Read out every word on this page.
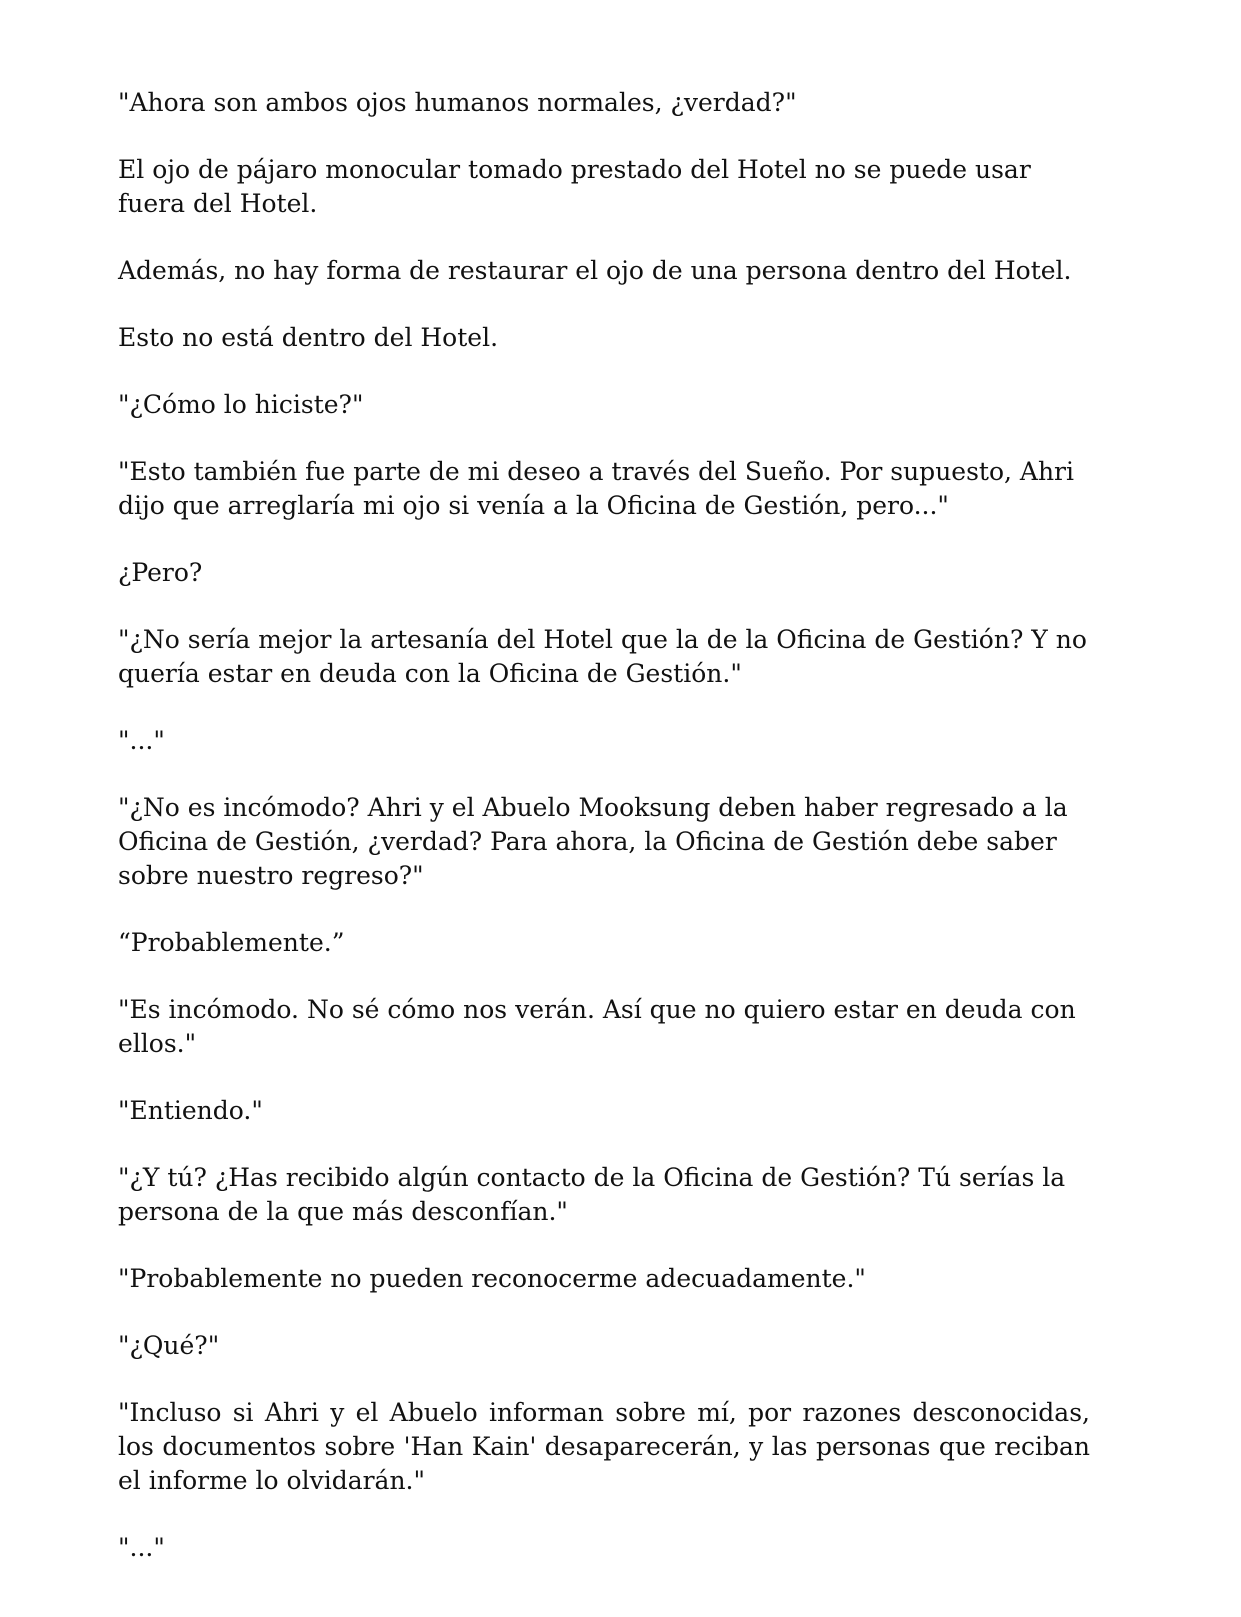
"Ahora son ambos ojos humanos normales, ¿verdad?"

El ojo de pájaro monocular tomado prestado del Hotel no se puede usar fuera del Hotel.

Además, no hay forma de restaurar el ojo de una persona dentro del Hotel.

Esto no está dentro del Hotel.

"¿Cómo lo hiciste?"

"Esto también fue parte de mi deseo a través del Sueño. Por supuesto, Ahri dijo que arreglaría mi ojo si venía a la Oficina de Gestión, pero..."

¿Pero?

"¿No sería mejor la artesanía del Hotel que la de la Oficina de Gestión? Y no quería estar en deuda con la Oficina de Gestión."

"..."

"¿No es incómodo? Ahri y el Abuelo Mooksung deben haber regresado a la Oficina de Gestión, ¿verdad? Para ahora, la Oficina de Gestión debe saber sobre nuestro regreso?"

“Probablemente.”

"Es incómodo. No sé cómo nos verán. Así que no quiero estar en deuda con ellos."

"Entiendo."

"¿Y tú? ¿Has recibido algún contacto de la Oficina de Gestión? Tú serías la persona de la que más desconfían."

"Probablemente no pueden reconocerme adecuadamente."

"¿Qué?"

"Incluso si Ahri y el Abuelo informan sobre mí, por razones desconocidas, los documentos sobre 'Han Kain' desaparecerán, y las personas que reciban el informe lo olvidarán."

"..."
